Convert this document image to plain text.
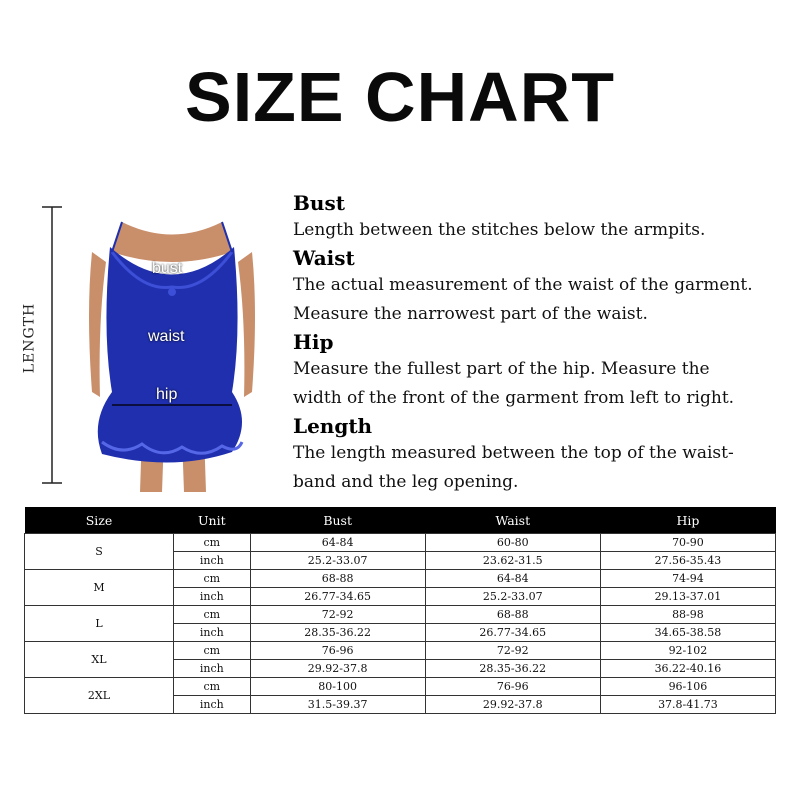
SIZE CHART
LENGTH
bust
waist
hip
Bust
Length between the stitches below the armpits.
Waist
The actual measurement of the waist of the garment.
Measure the narrowest part of the waist.
Hip
Measure the fullest part of the hip. Measure the
width of the front of the garment from left to right.
Length
The length measured between the top of the waist-
band and the leg opening.
Size	Unit	Bust	Waist	Hip
S	cm	64-84	60-80	70-90
	inch	25.2-33.07	23.62-31.5	27.56-35.43
M	cm	68-88	64-84	74-94
	inch	26.77-34.65	25.2-33.07	29.13-37.01
L	cm	72-92	68-88	88-98
	inch	28.35-36.22	26.77-34.65	34.65-38.58
XL	cm	76-96	72-92	92-102
	inch	29.92-37.8	28.35-36.22	36.22-40.16
2XL	cm	80-100	76-96	96-106
	inch	31.5-39.37	29.92-37.8	37.8-41.73
